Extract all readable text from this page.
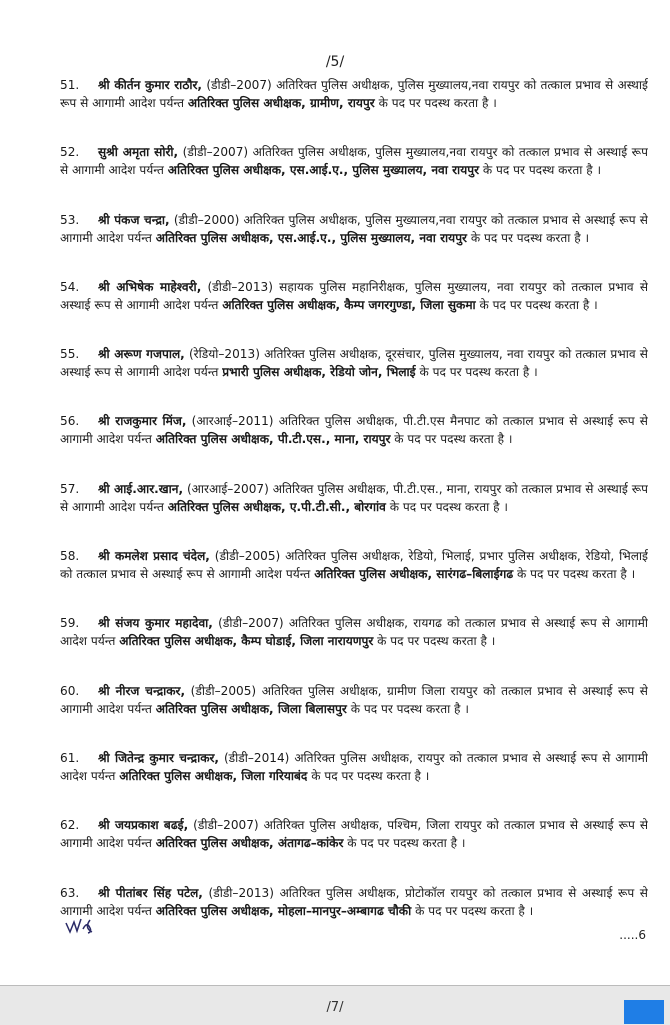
/5/

51. श्री कीर्तन कुमार राठौर, (डीडी–2007) अतिरिक्त पुलिस अधीक्षक, पुलिस मुख्यालय,नवा रायपुर को तत्काल प्रभाव से अस्थाई रूप से आगामी आदेश पर्यन्त अतिरिक्त पुलिस अधीक्षक, ग्रामीण, रायपुर के पद पर पदस्थ करता है ।

52. सुश्री अमृता सोरी, (डीडी–2007) अतिरिक्त पुलिस अधीक्षक, पुलिस मुख्यालय,नवा रायपुर को तत्काल प्रभाव से अस्थाई रूप से आगामी आदेश पर्यन्त अतिरिक्त पुलिस अधीक्षक, एस.आई.ए., पुलिस मुख्यालय, नवा रायपुर के पद पर पदस्थ करता है ।

53. श्री पंकज चन्द्रा, (डीडी–2000) अतिरिक्त पुलिस अधीक्षक, पुलिस मुख्यालय,नवा रायपुर को तत्काल प्रभाव से अस्थाई रूप से आगामी आदेश पर्यन्त अतिरिक्त पुलिस अधीक्षक, एस.आई.ए., पुलिस मुख्यालय, नवा रायपुर के पद पर पदस्थ करता है ।

54. श्री अभिषेक माहेश्वरी, (डीडी–2013) सहायक पुलिस महानिरीक्षक, पुलिस मुख्यालय, नवा रायपुर को तत्काल प्रभाव से अस्थाई रूप से आगामी आदेश पर्यन्त अतिरिक्त पुलिस अधीक्षक, कैम्प जगरगुण्डा, जिला सुकमा के पद पर पदस्थ करता है ।

55. श्री अरूण गजपाल, (रेडियो–2013) अतिरिक्त पुलिस अधीक्षक, दूरसंचार, पुलिस मुख्यालय, नवा रायपुर को तत्काल प्रभाव से अस्थाई रूप से आगामी आदेश पर्यन्त प्रभारी पुलिस अधीक्षक, रेडियो जोन, भिलाई के पद पर पदस्थ करता है ।

56. श्री राजकुमार मिंज, (आरआई–2011) अतिरिक्त पुलिस अधीक्षक, पी.टी.एस मैनपाट को तत्काल प्रभाव से अस्थाई रूप से आगामी आदेश पर्यन्त अतिरिक्त पुलिस अधीक्षक, पी.टी.एस., माना, रायपुर के पद पर पदस्थ करता है ।

57. श्री आई.आर.खान, (आरआई–2007) अतिरिक्त पुलिस अधीक्षक, पी.टी.एस., माना, रायपुर को तत्काल प्रभाव से अस्थाई रूप से आगामी आदेश पर्यन्त अतिरिक्त पुलिस अधीक्षक, ए.पी.टी.सी., बोरगांव के पद पर पदस्थ करता है ।

58. श्री कमलेश प्रसाद चंदेल, (डीडी–2005) अतिरिक्त पुलिस अधीक्षक, रेडियो, भिलाई, प्रभार पुलिस अधीक्षक, रेडियो, भिलाई को तत्काल प्रभाव से अस्थाई रूप से आगामी आदेश पर्यन्त अतिरिक्त पुलिस अधीक्षक, सारंगढ–बिलाईगढ के पद पर पदस्थ करता है ।

59. श्री संजय कुमार महादेवा, (डीडी–2007) अतिरिक्त पुलिस अधीक्षक, रायगढ को तत्काल प्रभाव से अस्थाई रूप से आगामी आदेश पर्यन्त अतिरिक्त पुलिस अधीक्षक, कैम्प घोडाई, जिला नारायणपुर के पद पर पदस्थ करता है ।

60. श्री नीरज चन्द्राकर, (डीडी–2005) अतिरिक्त पुलिस अधीक्षक, ग्रामीण जिला रायपुर को तत्काल प्रभाव से अस्थाई रूप से आगामी आदेश पर्यन्त अतिरिक्त पुलिस अधीक्षक, जिला बिलासपुर के पद पर पदस्थ करता है ।

61. श्री जितेन्द्र कुमार चन्द्राकर, (डीडी–2014) अतिरिक्त पुलिस अधीक्षक, रायपुर को तत्काल प्रभाव से अस्थाई रूप से आगामी आदेश पर्यन्त अतिरिक्त पुलिस अधीक्षक, जिला गरियाबंद के पद पर पदस्थ करता है ।

62. श्री जयप्रकाश बढई, (डीडी–2007) अतिरिक्त पुलिस अधीक्षक, पश्चिम, जिला रायपुर को तत्काल प्रभाव से अस्थाई रूप से आगामी आदेश पर्यन्त अतिरिक्त पुलिस अधीक्षक, अंतागढ–कांकेर के पद पर पदस्थ करता है ।

63. श्री पीतांबर सिंह पटेल, (डीडी–2013) अतिरिक्त पुलिस अधीक्षक, प्रोटोकॉल रायपुर को तत्काल प्रभाव से अस्थाई रूप से आगामी आदेश पर्यन्त अतिरिक्त पुलिस अधीक्षक, मोहला–मानपुर–अम्बागढ चौकी के पद पर पदस्थ करता है ।

.....6
/7/
